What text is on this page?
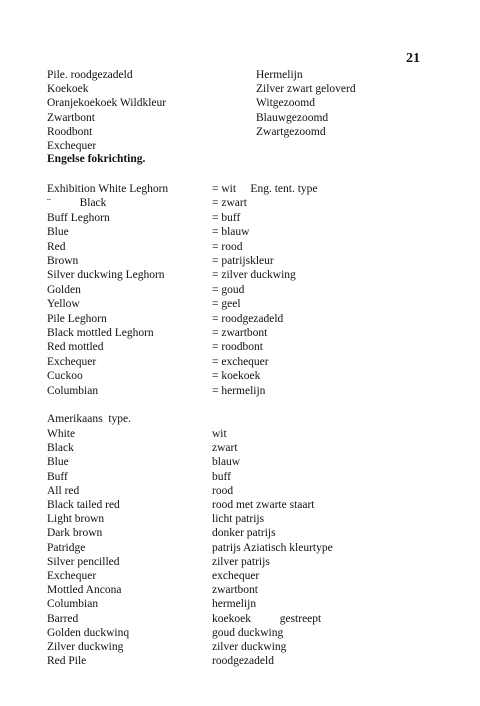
21
Pile. roodgezadeld
Koekoek
Oranjekoekoek Wildkleur
Zwartbont
Roodbont
Exchequer
Hermelijn
Zilver zwart geloverd
Witgezoomd
Blauwgezoomd
Zwartgezoomd
Engelse fokrichting.
Exhibition White Leghorn
¨          Black
Buff Leghorn
Blue
Red
Brown
Silver duckwing Leghorn
Golden
Yellow
Pile Leghorn
Black mottled Leghorn
Red mottled
Exchequer
Cuckoo
Columbian
= wit     Eng. tent. type
= zwart
= buff
= blauw
= rood
= patrijskleur
= zilver duckwing
= goud
= geel
= roodgezadeld
= zwartbont
= roodbont
= exchequer
= koekoek
= hermelijn
Amerikaans  type.
White
Black
Blue
Buff
All red
Black tailed red
Light brown
Dark brown
Patridge
Silver pencilled
Exchequer
Mottled Ancona
Columbian
Barred
Golden duckwinq
Zilver duckwing
Red Pile
wit
zwart
blauw
buff
rood
rood met zwarte staart
licht patrijs
donker patrijs
patrijs Aziatisch kleurtype
zilver patrijs
exchequer
zwartbont
hermelijn
koekoek          gestreept
goud duckwing
zilver duckwing
roodgezadeld
